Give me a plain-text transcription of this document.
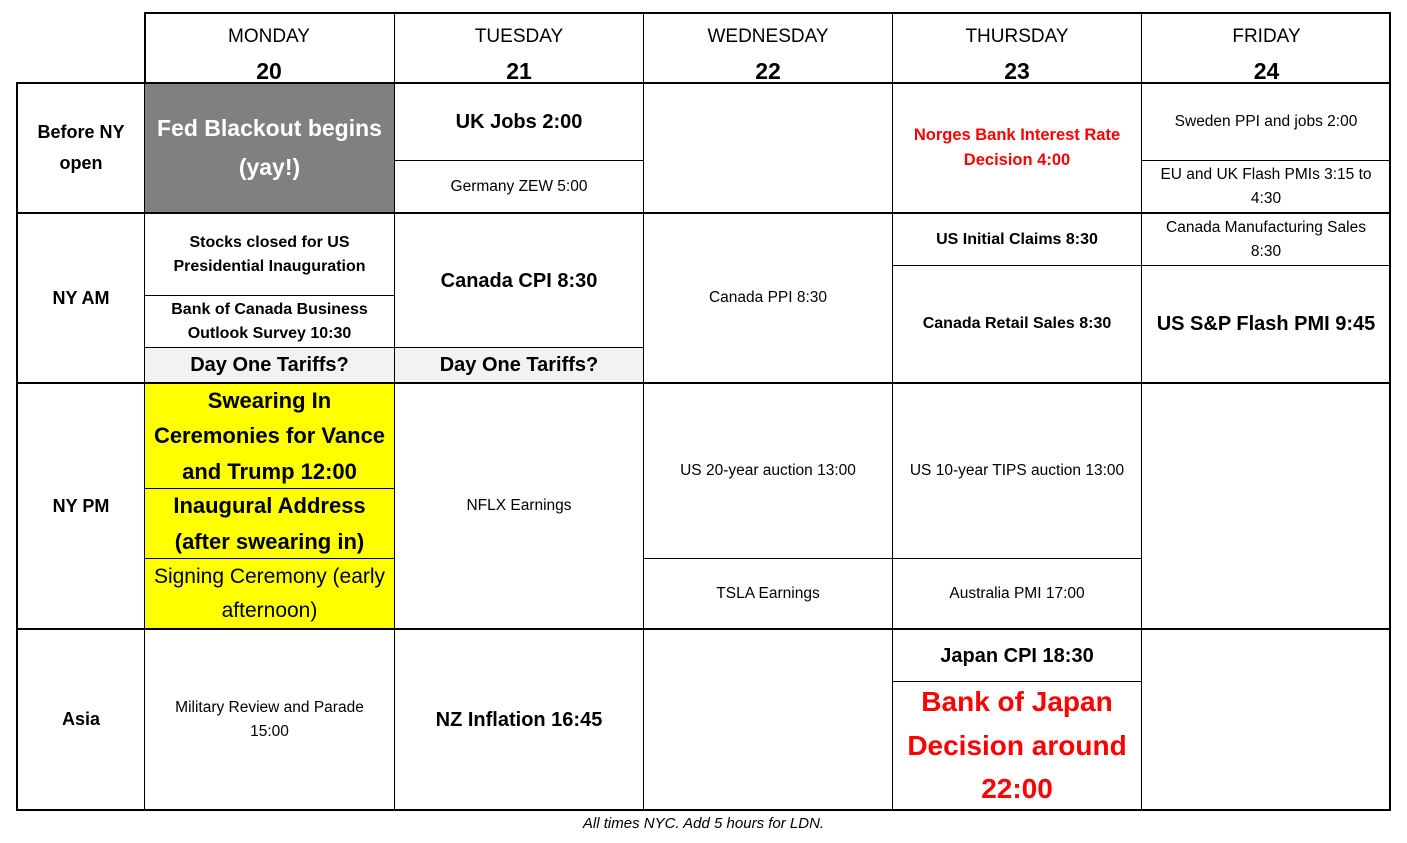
MONDAY
20
TUESDAY
21
WEDNESDAY
22
THURSDAY
23
FRIDAY
24
Before NY open
NY AM
NY PM
Asia
Fed Blackout begins (yay!)
UK Jobs 2:00
Germany ZEW 5:00
Norges Bank Interest Rate Decision 4:00
Sweden PPI and jobs 2:00
EU and UK Flash PMIs 3:15 to 4:30
Stocks closed for US Presidential Inauguration
Bank of Canada Business Outlook Survey 10:30
Day One Tariffs?
Canada CPI 8:30
Day One Tariffs?
Canada PPI 8:30
US Initial Claims 8:30
Canada Retail Sales 8:30
Canada Manufacturing Sales 8:30
US S&P Flash PMI 9:45
Swearing In Ceremonies for Vance and Trump 12:00
Inaugural Address (after swearing in)
Signing Ceremony (early afternoon)
NFLX Earnings
US 20-year auction 13:00
TSLA Earnings
US 10-year TIPS auction 13:00
Australia PMI 17:00
Military Review and Parade 15:00
NZ Inflation 16:45
Japan CPI 18:30
Bank of Japan Decision around 22:00
All times NYC. Add 5 hours for LDN.
